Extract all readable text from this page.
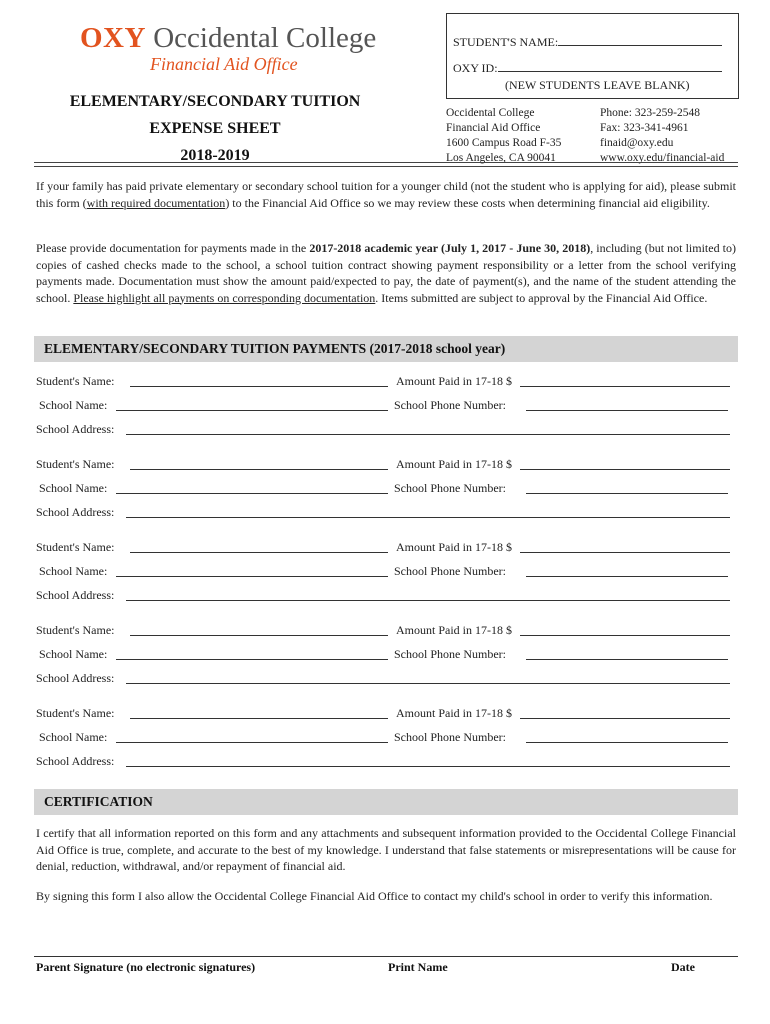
OXY Occidental College
Financial Aid Office
ELEMENTARY/SECONDARY TUITION
EXPENSE SHEET
2018-2019
STUDENT'S NAME:
OXY ID:
(NEW STUDENTS LEAVE BLANK)
Occidental College
Financial Aid Office
1600 Campus Road F-35
Los Angeles, CA 90041
Phone: 323-259-2548
Fax: 323-341-4961
finaid@oxy.edu
www.oxy.edu/financial-aid

If your family has paid private elementary or secondary school tuition for a younger child (not the student who is applying for aid), please submit this form (with required documentation) to the Financial Aid Office so we may review these costs when determining financial aid eligibility.

Please provide documentation for payments made in the 2017-2018 academic year (July 1, 2017 - June 30, 2018), including (but not limited to) copies of cashed checks made to the school, a school tuition contract showing payment responsibility or a letter from the school verifying payments made. Documentation must show the amount paid/expected to pay, the date of payment(s), and the name of the student attending the school. Please highlight all payments on corresponding documentation. Items submitted are subject to approval by the Financial Aid Office.

ELEMENTARY/SECONDARY TUITION PAYMENTS (2017-2018 school year)
Student's Name:	Amount Paid in 17-18 $
School Name:	School Phone Number:
School Address:
Student's Name:	Amount Paid in 17-18 $
School Name:	School Phone Number:
School Address:
Student's Name:	Amount Paid in 17-18 $
School Name:	School Phone Number:
School Address:
Student's Name:	Amount Paid in 17-18 $
School Name:	School Phone Number:
School Address:
Student's Name:	Amount Paid in 17-18 $
School Name:	School Phone Number:
School Address:
CERTIFICATION
I certify that all information reported on this form and any attachments and subsequent information provided to the Occidental College Financial Aid Office is true, complete, and accurate to the best of my knowledge. I understand that false statements or misrepresentations will be cause for denial, reduction, withdrawal, and/or repayment of financial aid.
By signing this form I also allow the Occidental College Financial Aid Office to contact my child's school in order to verify this information.
Parent Signature (no electronic signatures)	Print Name	Date
